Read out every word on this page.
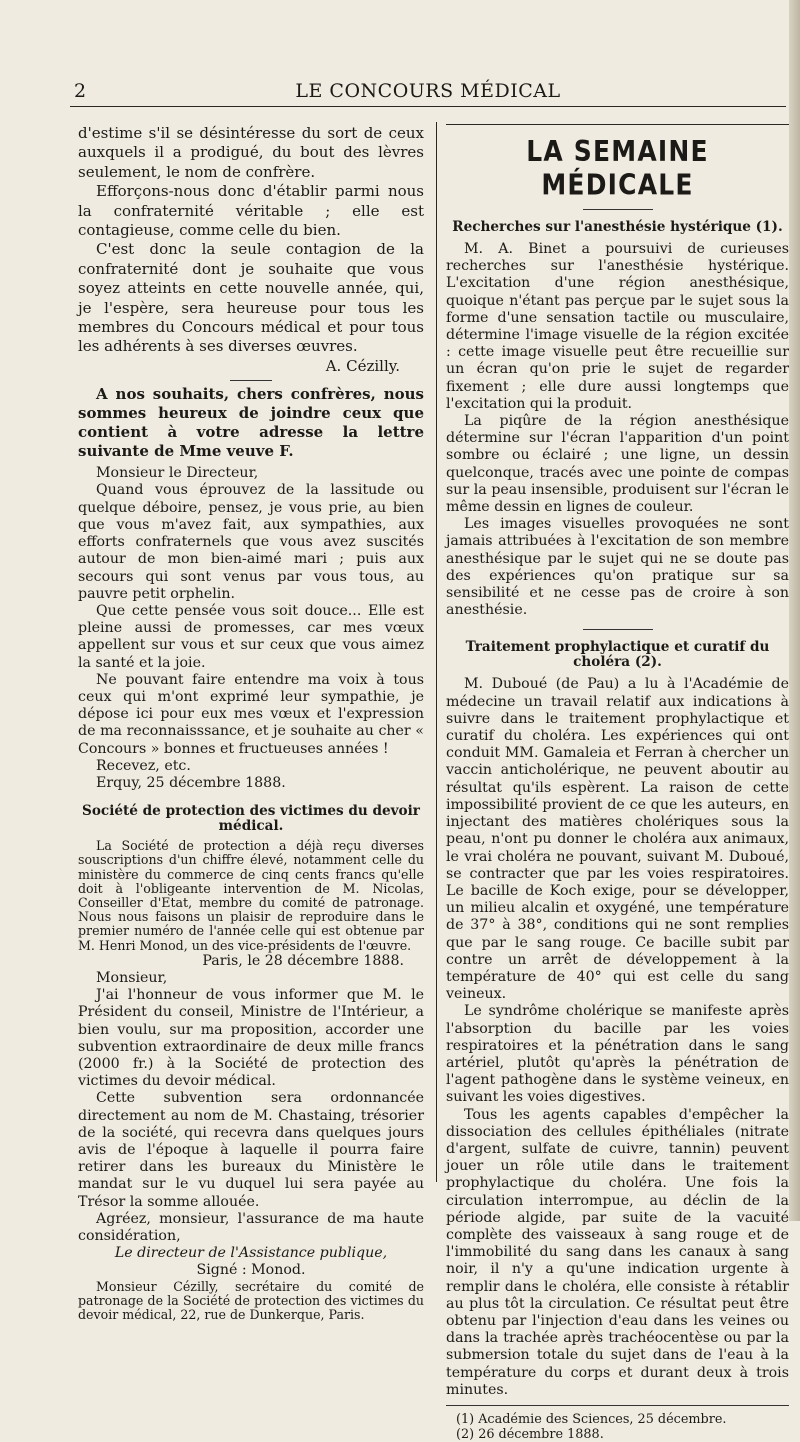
2	LE CONCOURS MÉDICAL

d'estime s'il se désintéresse du sort de ceux auxquels il a prodigué, du bout des lèvres seulement, le nom de confrère.

Efforçons-nous donc d'établir parmi nous la confraternité véritable ; elle est contagieuse, comme celle du bien.

C'est donc la seule contagion de la confraternité dont je souhaite que vous soyez atteints en cette nouvelle année, qui, je l'espère, sera heureuse pour tous les membres du Concours médical et pour tous les adhérents à ses diverses œuvres.

A. Cézilly.

A nos souhaits, chers confrères, nous sommes heureux de joindre ceux que contient à votre adresse la lettre suivante de Mme veuve F.

Monsieur le Directeur,

Quand vous éprouvez de la lassitude ou quelque déboire, pensez, je vous prie, au bien que vous m'avez fait, aux sympathies, aux efforts confraternels que vous avez suscités autour de mon bien-aimé mari ; puis aux secours qui sont venus par vous tous, au pauvre petit orphelin.

Que cette pensée vous soit douce... Elle est pleine aussi de promesses, car mes vœux appellent sur vous et sur ceux que vous aimez la santé et la joie.

Ne pouvant faire entendre ma voix à tous ceux qui m'ont exprimé leur sympathie, je dépose ici pour eux mes vœux et l'expression de ma reconnaisssance, et je souhaite au cher « Concours » bonnes et fructueuses années !

Recevez, etc.

Erquy, 25 décembre 1888.

Société de protection des victimes du devoir médical.

La Société de protection a déjà reçu diverses souscriptions d'un chiffre élevé, notamment celle du ministère du commerce de cinq cents francs qu'elle doit à l'obligeante intervention de M. Nicolas, Conseiller d'Etat, membre du comité de patronage. Nous nous faisons un plaisir de reproduire dans le premier numéro de l'année celle qui est obtenue par M. Henri Monod, un des vice-présidents de l'œuvre.

Paris, le 28 décembre 1888.

Monsieur,

J'ai l'honneur de vous informer que M. le Président du conseil, Ministre de l'Intérieur, a bien voulu, sur ma proposition, accorder une subvention extraordinaire de deux mille francs (2000 fr.) à la Société de protection des victimes du devoir médical.

Cette subvention sera ordonnancée directement au nom de M. Chastaing, trésorier de la société, qui recevra dans quelques jours avis de l'époque à laquelle il pourra faire retirer dans les bureaux du Ministère le mandat sur le vu duquel lui sera payée au Trésor la somme allouée.

Agréez, monsieur, l'assurance de ma haute considération,

Le directeur de l'Assistance publique,

Signé : Monod.

Monsieur Cézilly, secrétaire du comité de patronage de la Société de protection des victimes du devoir médical, 22, rue de Dunkerque, Paris.

LA SEMAINE MÉDICALE
Recherches sur l'anesthésie hystérique (1).

M. A. Binet a poursuivi de curieuses recherches sur l'anesthésie hystérique. L'excitation d'une région anesthésique, quoique n'étant pas perçue par le sujet sous la forme d'une sensation tactile ou musculaire, détermine l'image visuelle de la région excitée : cette image visuelle peut être recueillie sur un écran qu'on prie le sujet de regarder fixement ; elle dure aussi longtemps que l'excitation qui la produit.

La piqûre de la région anesthésique détermine sur l'écran l'apparition d'un point sombre ou éclairé ; une ligne, un dessin quelconque, tracés avec une pointe de compas sur la peau insensible, produisent sur l'écran le même dessin en lignes de couleur.

Les images visuelles provoquées ne sont jamais attribuées à l'excitation de son membre anesthésique par le sujet qui ne se doute pas des expériences qu'on pratique sur sa sensibilité et ne cesse pas de croire à son anesthésie.

Traitement prophylactique et curatif du choléra (2).

M. Duboué (de Pau) a lu à l'Académie de médecine un travail relatif aux indications à suivre dans le traitement prophylactique et curatif du choléra. Les expériences qui ont conduit MM. Gamaleia et Ferran à chercher un vaccin anticholérique, ne peuvent aboutir au résultat qu'ils espèrent. La raison de cette impossibilité provient de ce que les auteurs, en injectant des matières cholériques sous la peau, n'ont pu donner le choléra aux animaux, le vrai choléra ne pouvant, suivant M. Duboué, se contracter que par les voies respiratoires. Le bacille de Koch exige, pour se développer, un milieu alcalin et oxygéné, une température de 37° à 38°, conditions qui ne sont remplies que par le sang rouge. Ce bacille subit par contre un arrêt de développement à la température de 40° qui est celle du sang veineux.

Le syndrôme cholérique se manifeste après l'absorption du bacille par les voies respiratoires et la pénétration dans le sang artériel, plutôt qu'après la pénétration de l'agent pathogène dans le système veineux, en suivant les voies digestives.

Tous les agents capables d'empêcher la dissociation des cellules épithéliales (nitrate d'argent, sulfate de cuivre, tannin) peuvent jouer un rôle utile dans le traitement prophylactique du choléra. Une fois la circulation interrompue, au déclin de la période algide, par suite de la vacuité complète des vaisseaux à sang rouge et de l'immobilité du sang dans les canaux à sang noir, il n'y a qu'une indication urgente à remplir dans le choléra, elle consiste à rétablir au plus tôt la circulation. Ce résultat peut être obtenu par l'injection d'eau dans les veines ou dans la trachée après trachéocentèse ou par la submersion totale du sujet dans de l'eau à la température du corps et durant deux à trois minutes.

(1) Académie des Sciences, 25 décembre.

(2) 26 décembre 1888.
